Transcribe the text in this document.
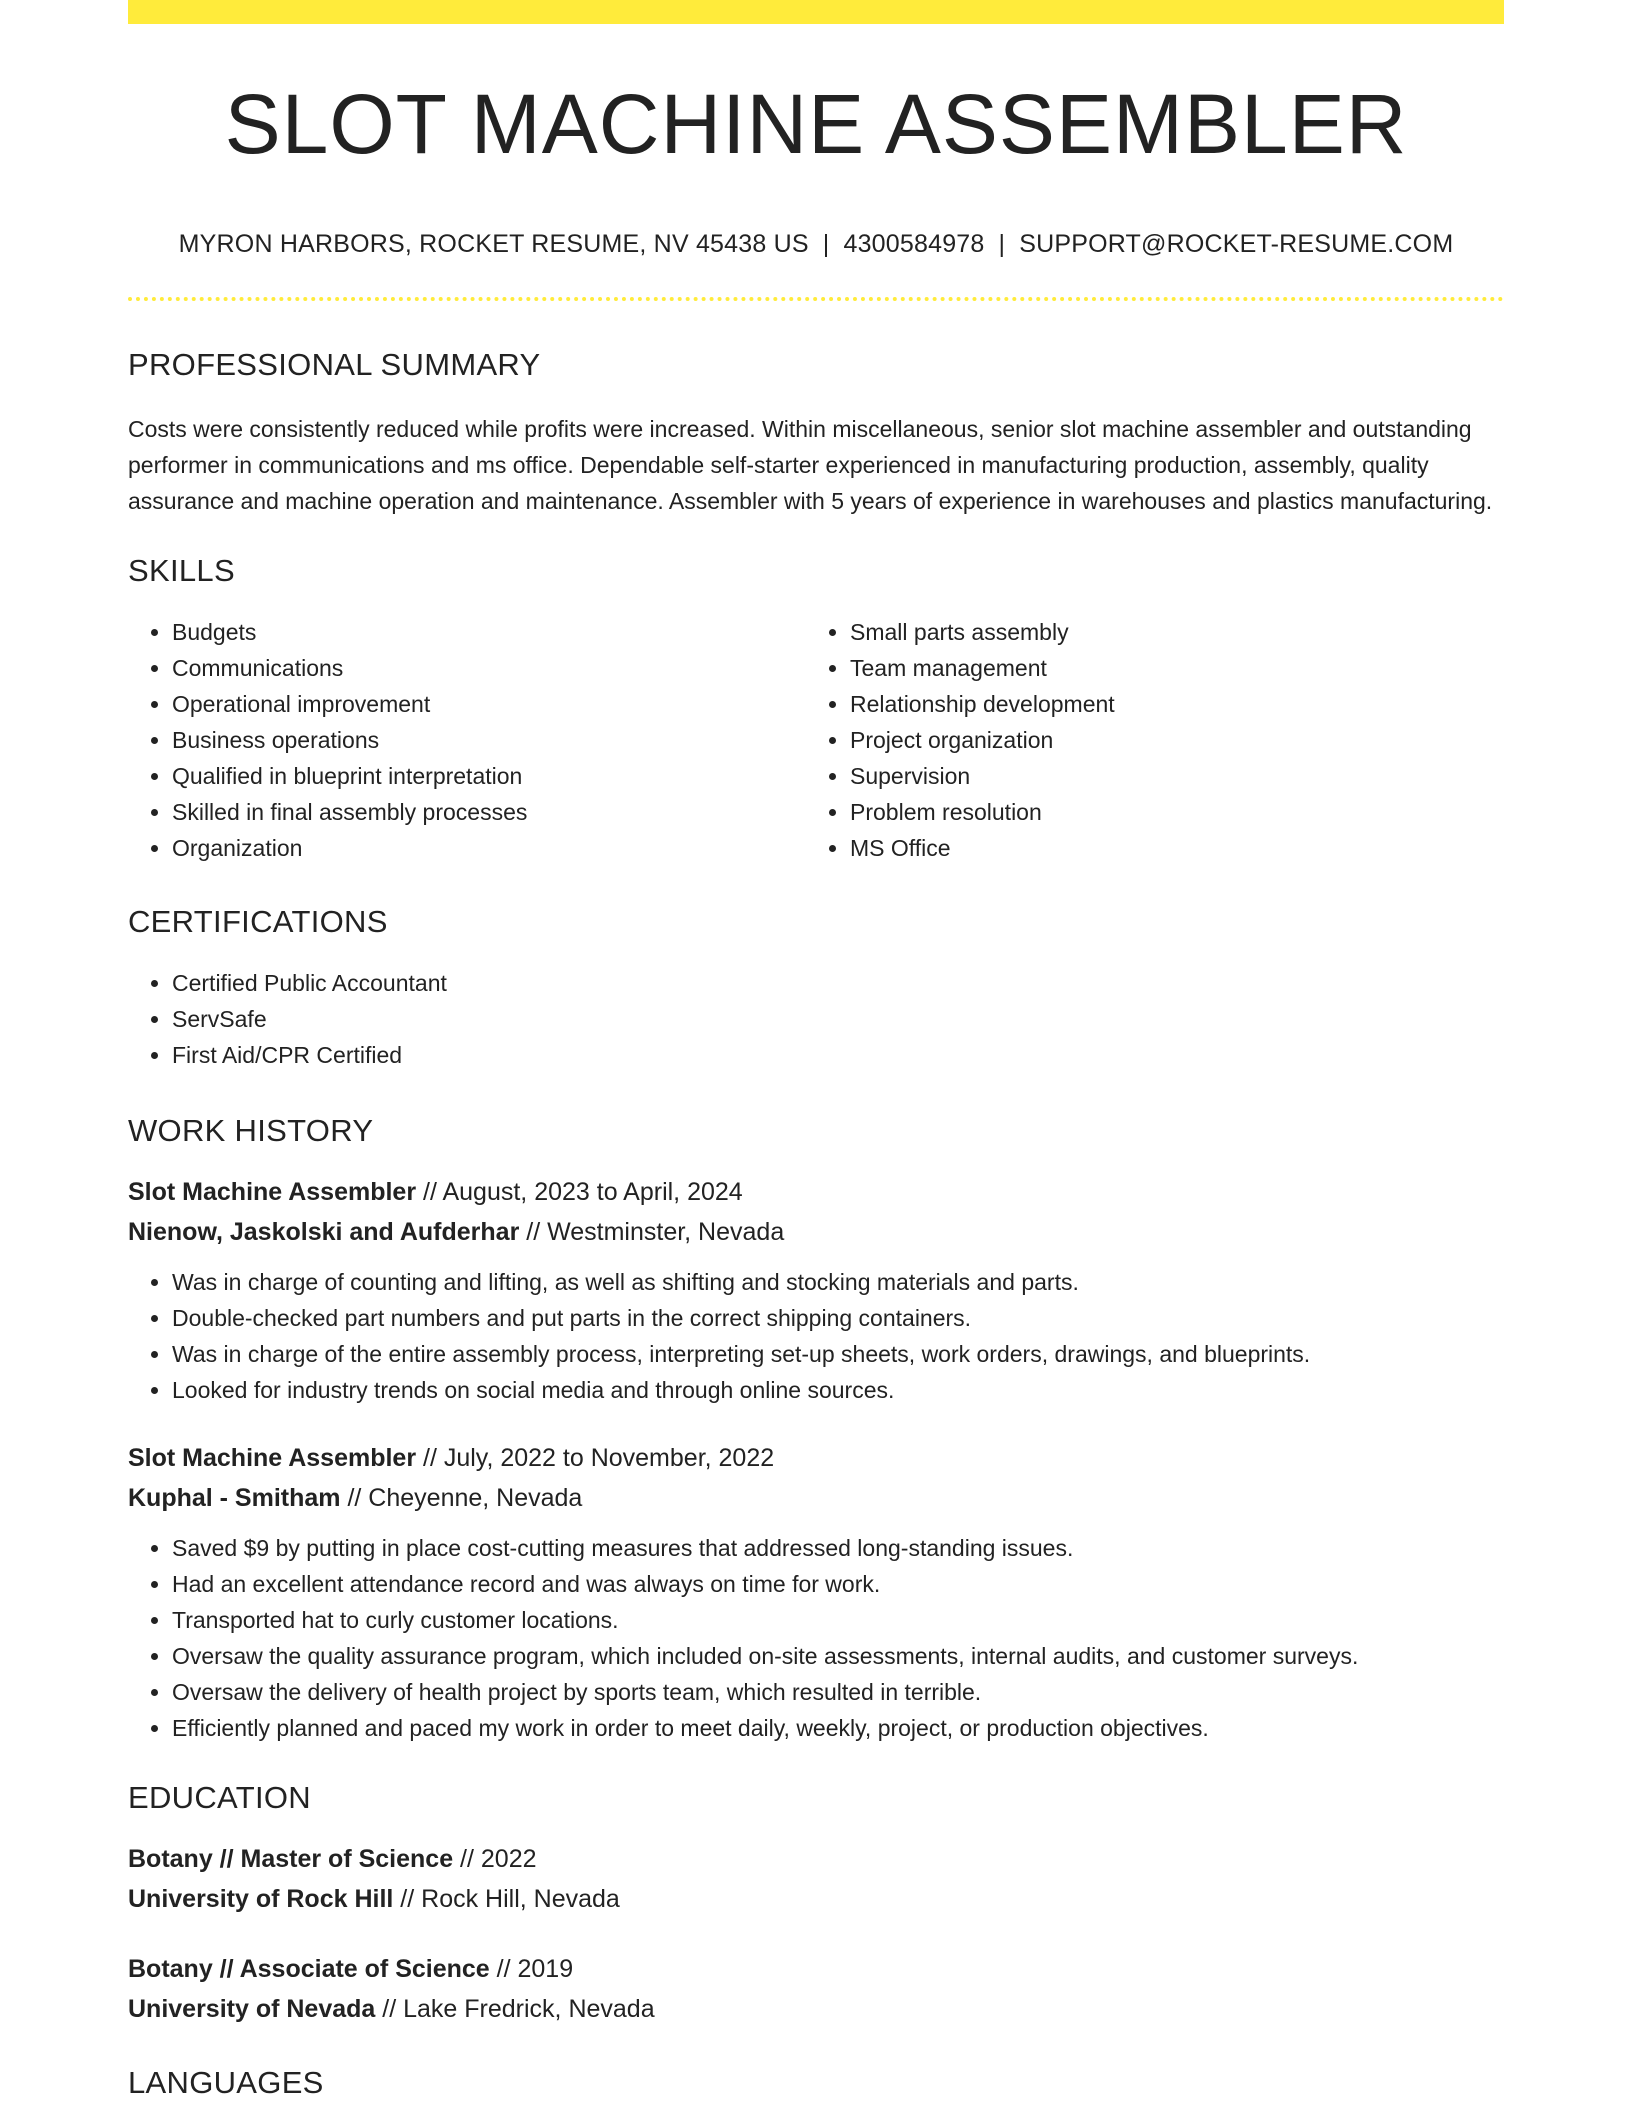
SLOT MACHINE ASSEMBLER
MYRON HARBORS, ROCKET RESUME, NV 45438 US | 4300584978 | SUPPORT@ROCKET-RESUME.COM
PROFESSIONAL SUMMARY

Costs were consistently reduced while profits were increased. Within miscellaneous, senior slot machine assembler and outstanding performer in communications and ms office. Dependable self-starter experienced in manufacturing production, assembly, quality assurance and machine operation and maintenance. Assembler with 5 years of experience in warehouses and plastics manufacturing.

SKILLS
• Budgets
• Communications
• Operational improvement
• Business operations
• Qualified in blueprint interpretation
• Skilled in final assembly processes
• Organization
• Small parts assembly
• Team management
• Relationship development
• Project organization
• Supervision
• Problem resolution
• MS Office
CERTIFICATIONS
• Certified Public Accountant
• ServSafe
• First Aid/CPR Certified
WORK HISTORY
Slot Machine Assembler // August, 2023 to April, 2024
Nienow, Jaskolski and Aufderhar // Westminster, Nevada
• Was in charge of counting and lifting, as well as shifting and stocking materials and parts.
• Double-checked part numbers and put parts in the correct shipping containers.
• Was in charge of the entire assembly process, interpreting set-up sheets, work orders, drawings, and blueprints.
• Looked for industry trends on social media and through online sources.
Slot Machine Assembler // July, 2022 to November, 2022
Kuphal - Smitham // Cheyenne, Nevada
• Saved $9 by putting in place cost-cutting measures that addressed long-standing issues.
• Had an excellent attendance record and was always on time for work.
• Transported hat to curly customer locations.
• Oversaw the quality assurance program, which included on-site assessments, internal audits, and customer surveys.
• Oversaw the delivery of health project by sports team, which resulted in terrible.
• Efficiently planned and paced my work in order to meet daily, weekly, project, or production objectives.
EDUCATION
Botany // Master of Science // 2022
University of Rock Hill // Rock Hill, Nevada
Botany // Associate of Science // 2019
University of Nevada // Lake Fredrick, Nevada
LANGUAGES
